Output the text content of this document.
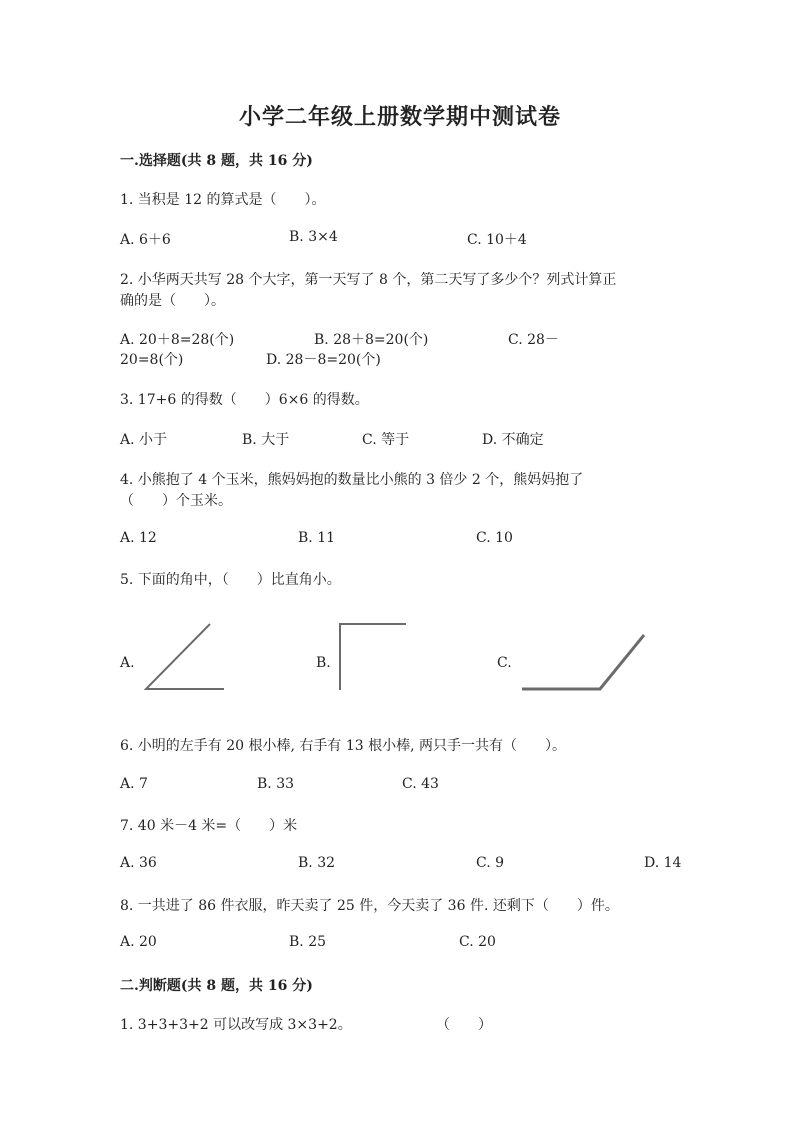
小学二年级上册数学期中测试卷
一.选择题(共 8 题，共 16 分)
1. 当积是 12 的算式是（　　）。
A. 6＋6	B. 3×4	C. 10＋4
2. 小华两天共写 28 个大字，第一天写了 8 个，第二天写了多少个？列式计算正
确的是（　　）。
A. 20＋8=28(个)	B. 28＋8=20(个)	C. 28－
20=8(个)	D. 28－8=20(个)
3. 17+6 的得数（　　）6×6 的得数。
A. 小于	B. 大于	C. 等于	D. 不确定
4. 小熊抱了 4 个玉米，熊妈妈抱的数量比小熊的 3 倍少 2 个，熊妈妈抱了
（　　）个玉米。
A. 12	B. 11	C. 10
5. 下面的角中，（　　）比直角小。
A.	B.	C.
6. 小明的左手有 20 根小棒, 右手有 13 根小棒, 两只手一共有（　　）。
A. 7	B. 33	C. 43
7. 40 米－4 米=（　　）米
A. 36	B. 32	C. 9	D. 14
8. 一共进了 86 件衣服，昨天卖了 25 件，今天卖了 36 件. 还剩下（　　）件。
A. 20	B. 25	C. 20
二.判断题(共 8 题，共 16 分)
1. 3+3+3+2 可以改写成 3×3+2。	（　　）
